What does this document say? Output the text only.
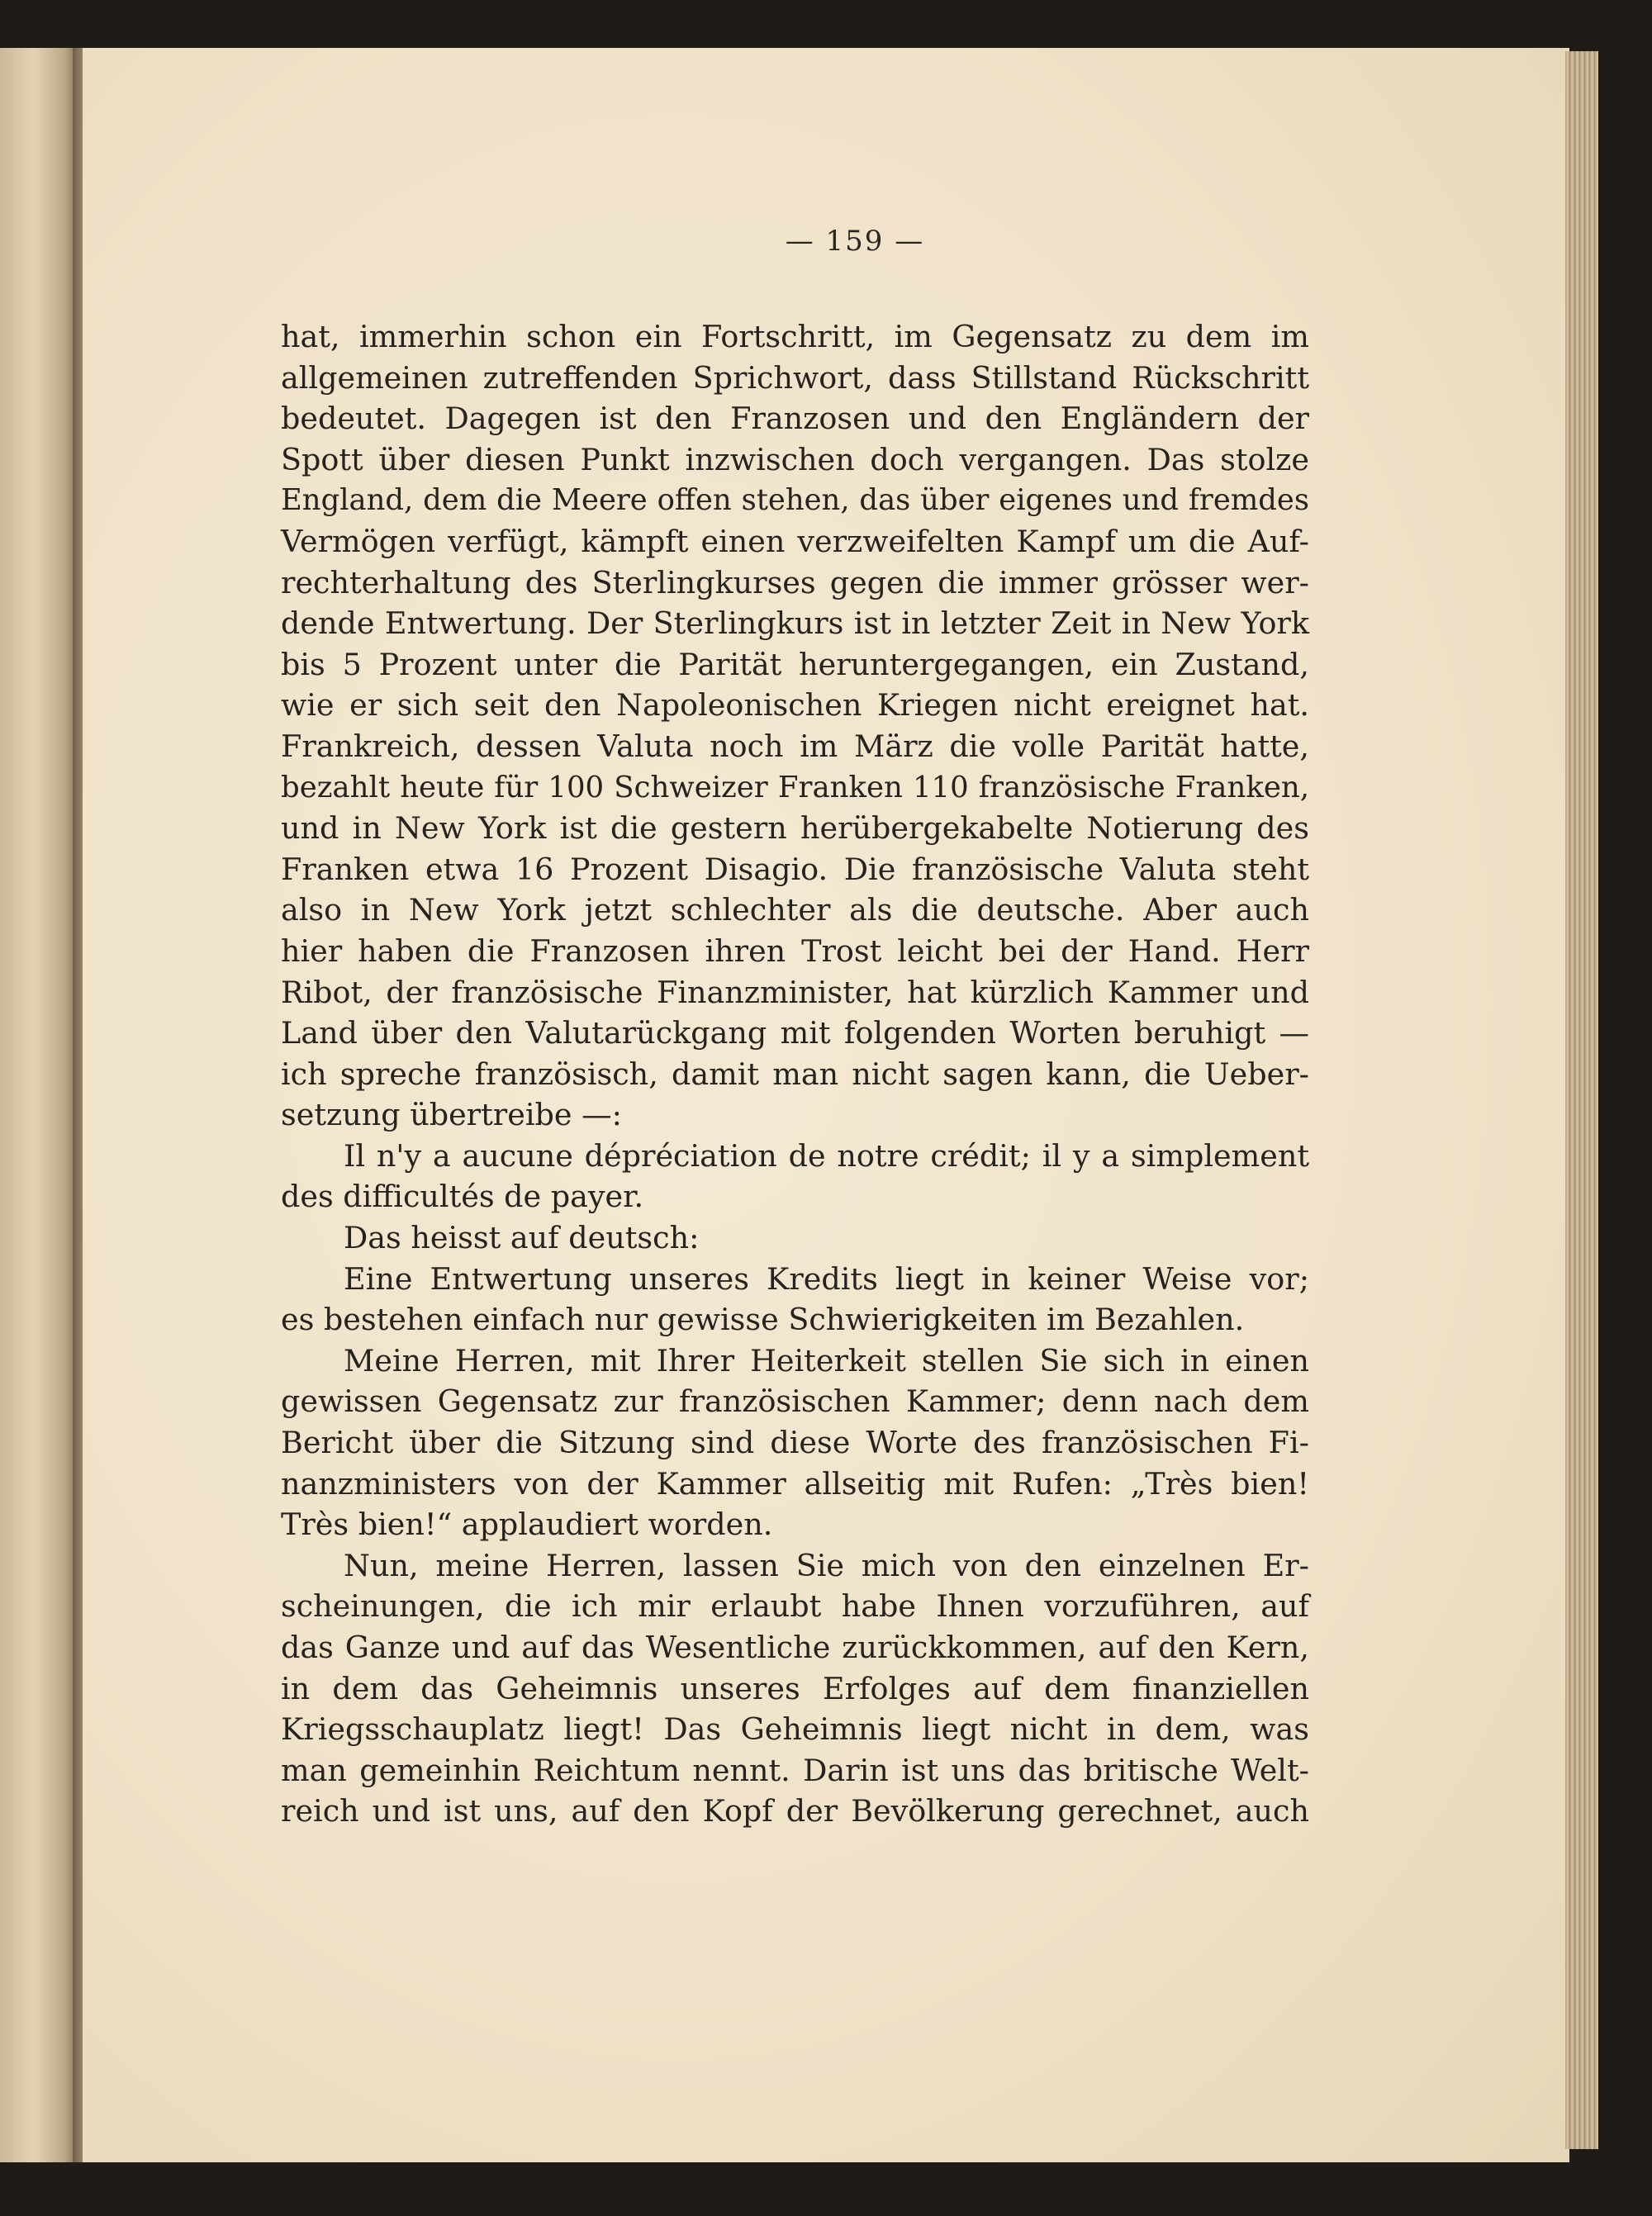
— 159 —
hat, immerhin schon ein Fortschritt, im Gegensatz zu dem im
allgemeinen zutreffenden Sprichwort, dass Stillstand Rückschritt
bedeutet. Dagegen ist den Franzosen und den Engländern der
Spott über diesen Punkt inzwischen doch vergangen. Das stolze
England, dem die Meere offen stehen, das über eigenes und fremdes
Vermögen verfügt, kämpft einen verzweifelten Kampf um die Auf-
rechterhaltung des Sterlingkurses gegen die immer grösser wer-
dende Entwertung. Der Sterlingkurs ist in letzter Zeit in New York
bis 5 Prozent unter die Parität heruntergegangen, ein Zustand,
wie er sich seit den Napoleonischen Kriegen nicht ereignet hat.
Frankreich, dessen Valuta noch im März die volle Parität hatte,
bezahlt heute für 100 Schweizer Franken 110 französische Franken,
und in New York ist die gestern herübergekabelte Notierung des
Franken etwa 16 Prozent Disagio. Die französische Valuta steht
also in New York jetzt schlechter als die deutsche. Aber auch
hier haben die Franzosen ihren Trost leicht bei der Hand. Herr
Ribot, der französische Finanzminister, hat kürzlich Kammer und
Land über den Valutarückgang mit folgenden Worten beruhigt —
ich spreche französisch, damit man nicht sagen kann, die Ueber-
setzung übertreibe —:
Il n'y a aucune dépréciation de notre crédit; il y a simplement
des difficultés de payer.
Das heisst auf deutsch:
Eine Entwertung unseres Kredits liegt in keiner Weise vor;
es bestehen einfach nur gewisse Schwierigkeiten im Bezahlen.
Meine Herren, mit Ihrer Heiterkeit stellen Sie sich in einen
gewissen Gegensatz zur französischen Kammer; denn nach dem
Bericht über die Sitzung sind diese Worte des französischen Fi-
nanzministers von der Kammer allseitig mit Rufen: „Très bien!
Très bien!“ applaudiert worden.
Nun, meine Herren, lassen Sie mich von den einzelnen Er-
scheinungen, die ich mir erlaubt habe Ihnen vorzuführen, auf
das Ganze und auf das Wesentliche zurückkommen, auf den Kern,
in dem das Geheimnis unseres Erfolges auf dem finanziellen
Kriegsschauplatz liegt! Das Geheimnis liegt nicht in dem, was
man gemeinhin Reichtum nennt. Darin ist uns das britische Welt-
reich und ist uns, auf den Kopf der Bevölkerung gerechnet, auch
